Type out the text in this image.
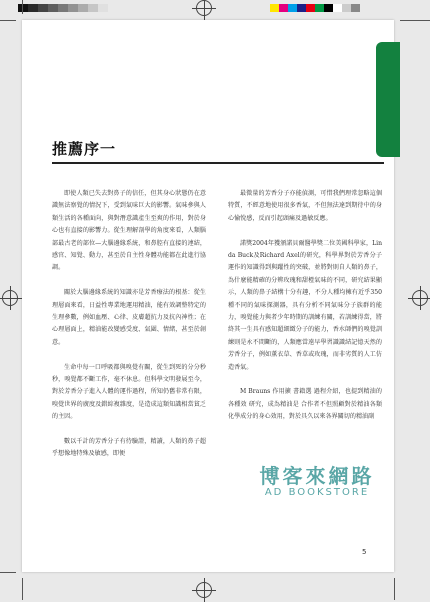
推薦序一

即使人類已失去對鼻子的信任，但其身心狀態仍在意識無法察覺的情況下，受到氣味巨大的影響。氣味參與人類生活的各種面向，與對潛意識產生至爽的作用，對於身心也有直接的影響力。從生理解剖學的角度來看，人類腦部最古老的部位—大腦邊緣系統，和鼻腔有直接的連結，感官、知覺、動力，甚至於自主性身體功能都在此進行協調。

關於大腦邊緣系統的知識亦是芳香療法的根基：從生理層面來看，日益性專業地運用精油，能有效調整特定的生理參數，例如血壓、心律、皮膚超抗力及抗內神性；在心理層面上，精油能改變感受度、氣圍、情緒，甚至於創意。

生命中每一口呼吸都與嗅覺有關，從生到死的分分秒秒，嗅覺都不斷工作，毫不休息。但科學文明發展至今，對於芳香分子進入人體的運作過程，所知仍舊非常有限，嗅覺世界的廣度及錯綜複雜度，是造成這類知識相當貧乏的主因。

數以千計的芳香分子有待驗證，精讀，人類的鼻子超乎想像地特殊及敏感，即便

最微量的芳香分子亦能偵測，可惜我們理常忽略這個特質，不經意地使用很多香氣，不但無法達到期待中的身心愉悅感，反而引起頭痛及過敏反應。

諾獎2004年獲頒諾貝爾醫學獎二位美國科學家，Linda Buck及Richard Axel的研究，科學界對於芳香分子運作的知識得到與躍性的突破，並將對則自人類的鼻子，為什麼能精確的分辨玫瑰和甜橙氣味的不同，研究結果顯示，人類的鼻子結構十分有趣，不分人種均擁有近乎350種不同的氣味探測器，具有分析不同氣味分子族群的能力，嗅覺能力與者少年時期的訓練有關，若訓練得當，將終其一生具有感知超細緻分子的能力，香水師們的嗅覺訓練則是永不間斷的，人類應當遠早學習識識結記憶天然的芳香分子，例如薰衣草、香草或玫瑰，而非劣質的人工仿造香氣。

M Brauns 作用擴 書籍選 過程介紹，也提到精油的各種效 研究，成為精油是 合作者不但照顧對於精油各類化學成分的身心效用，對於具久以來各界關切的精油副

5
博客來網路
AD BOOKSTORE
